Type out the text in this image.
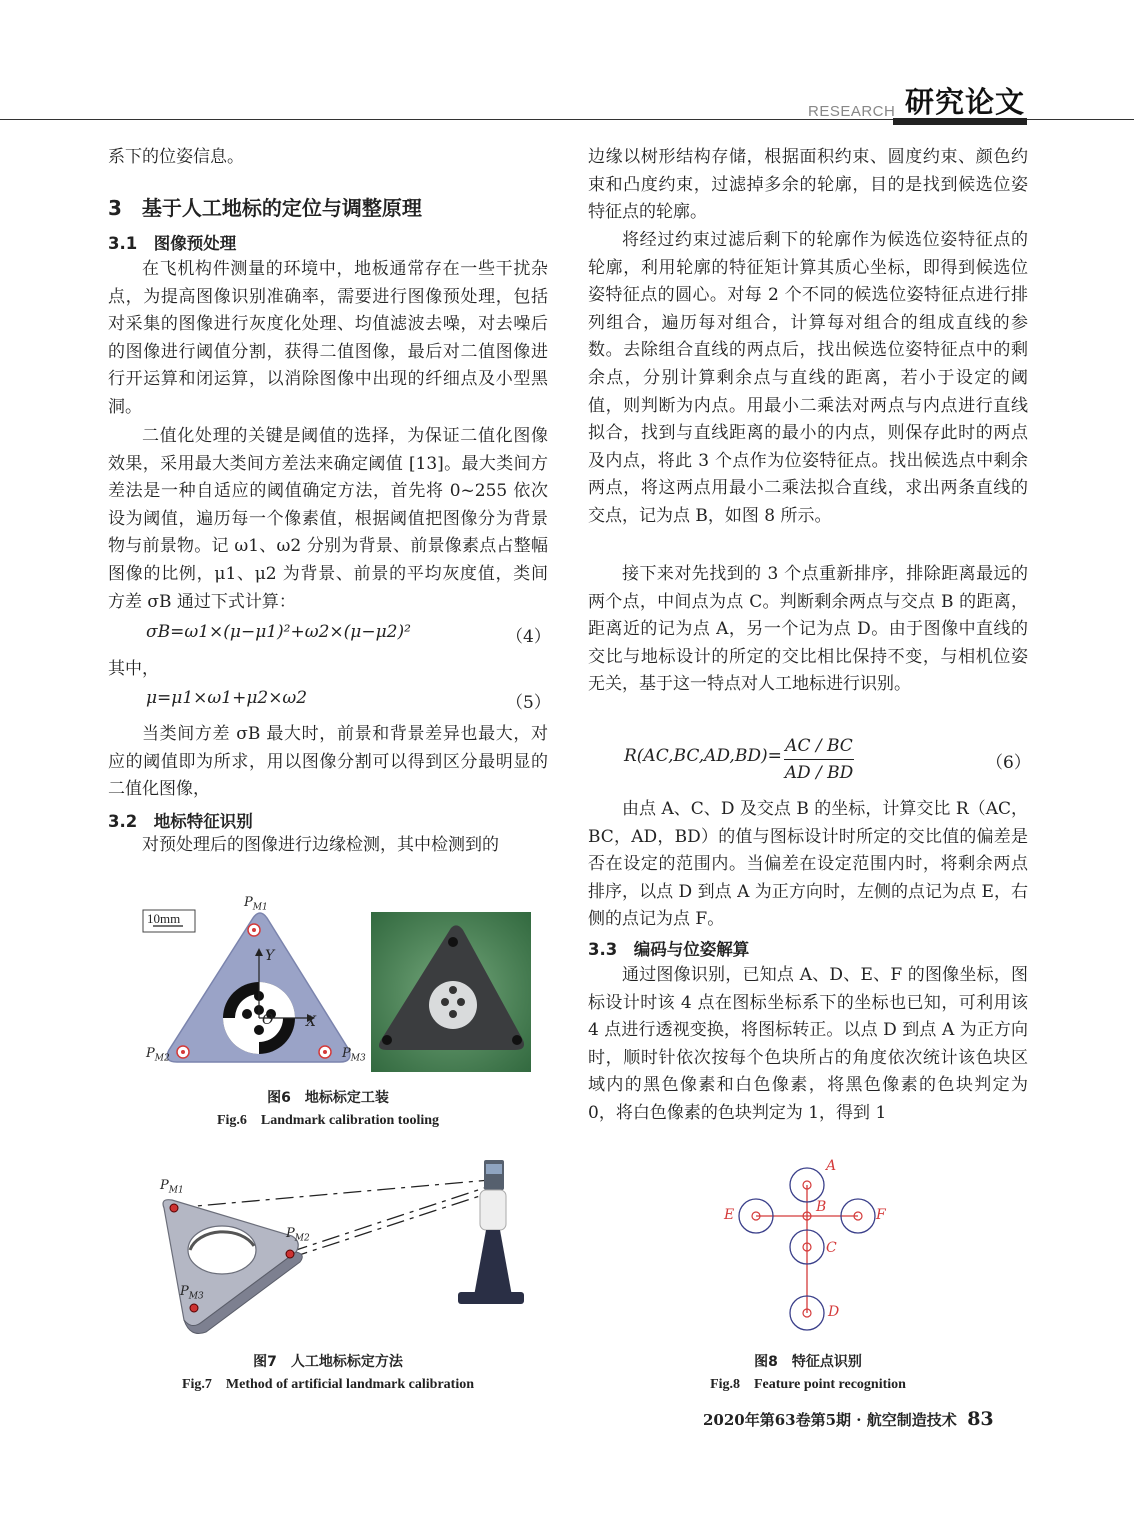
RESEARCH 研究论文

系下的位姿信息。

3　基于人工地标的定位与调整原理
3.1　图像预处理

在飞机构件测量的环境中，地板通常存在一些干扰杂点，为提高图像识别准确率，需要进行图像预处理，包括对采集的图像进行灰度化处理、均值滤波去噪，对去噪后的图像进行阈值分割，获得二值图像，最后对二值图像进行开运算和闭运算，以消除图像中出现的纤细点及小型黑洞。

二值化处理的关键是阈值的选择，为保证二值化图像效果，采用最大类间方差法来确定阈值 [13]。最大类间方差法是一种自适应的阈值确定方法，首先将 0~255 依次设为阈值，遍历每一个像素值，根据阈值把图像分为背景物与前景物。记 ω1、ω2 分别为背景、前景像素点占整幅图像的比例，μ1、μ2 为背景、前景的平均灰度值，类间方差 σB 通过下式计算：

σB=ω1×(μ−μ1)²+ω2×(μ−μ2)²	（4）

其中，

μ=μ1×ω1+μ2×ω2	（5）

当类间方差 σB 最大时，前景和背景差异也最大，对应的阈值即为所求，用以图像分割可以得到区分最明显的二值化图像，

3.2　地标特征识别

对预处理后的图像进行边缘检测，其中检测到的

边缘以树形结构存储，根据面积约束、圆度约束、颜色约束和凸度约束，过滤掉多余的轮廓，目的是找到候选位姿特征点的轮廓。

将经过约束过滤后剩下的轮廓作为候选位姿特征点的轮廓，利用轮廓的特征矩计算其质心坐标，即得到候选位姿特征点的圆心。对每 2 个不同的候选位姿特征点进行排列组合，遍历每对组合，计算每对组合的组成直线的参数。去除组合直线的两点后，找出候选位姿特征点中的剩余点，分别计算剩余点与直线的距离，若小于设定的阈值，则判断为内点。用最小二乘法对两点与内点进行直线拟合，找到与直线距离的最小的内点，则保存此时的两点及内点，将此 3 个点作为位姿特征点。找出候选点中剩余两点，将这两点用最小二乘法拟合直线，求出两条直线的交点，记为点 B，如图 8 所示。

接下来对先找到的 3 个点重新排序，排除距离最远的两个点，中间点为点 C。判断剩余两点与交点 B 的距离，距离近的记为点 A，另一个记为点 D。由于图像中直线的交比与地标设计的所定的交比相比保持不变，与相机位姿无关，基于这一特点对人工地标进行识别。

R(AC,BC,AD,BD)= AC / BC
AD / BD	（6）

由点 A、C、D 及交点 B 的坐标，计算交比 R（AC，BC，AD，BD）的值与图标设计时所定的交比值的偏差是否在设定的范围内。当偏差在设定范围内时，将剩余两点排序，以点 D 到点 A 为正方向时，左侧的点记为点 E，右侧的点记为点 F。

3.3　编码与位姿解算

通过图像识别，已知点 A、D、E、F 的图像坐标，图标设计时该 4 点在图标坐标系下的坐标也已知，可利用该 4 点进行透视变换，将图标转正。以点 D 到点 A 为正方向时，顺时针依次按每个色块所占的角度依次统计该色块区域内的黑色像素和白色像素，将黑色像素的色块判定为 0，将白色像素的色块判定为 1，得到 1

10mm
$P_{M1}$
$P_{M2}$	$P_{M3}$
Y
X
O
图6　地标标定工装
Fig.6　Landmark calibration tooling
$P_{M1}$
$P_{M2}$
$P_{M3}$
图7　人工地标标定方法
Fig.7　Method of artificial landmark calibration
A
B
C
D
E	F
图8　特征点识别
Fig.8　Feature point recognition
2020年第63卷第5期 · 航空制造技术 83
